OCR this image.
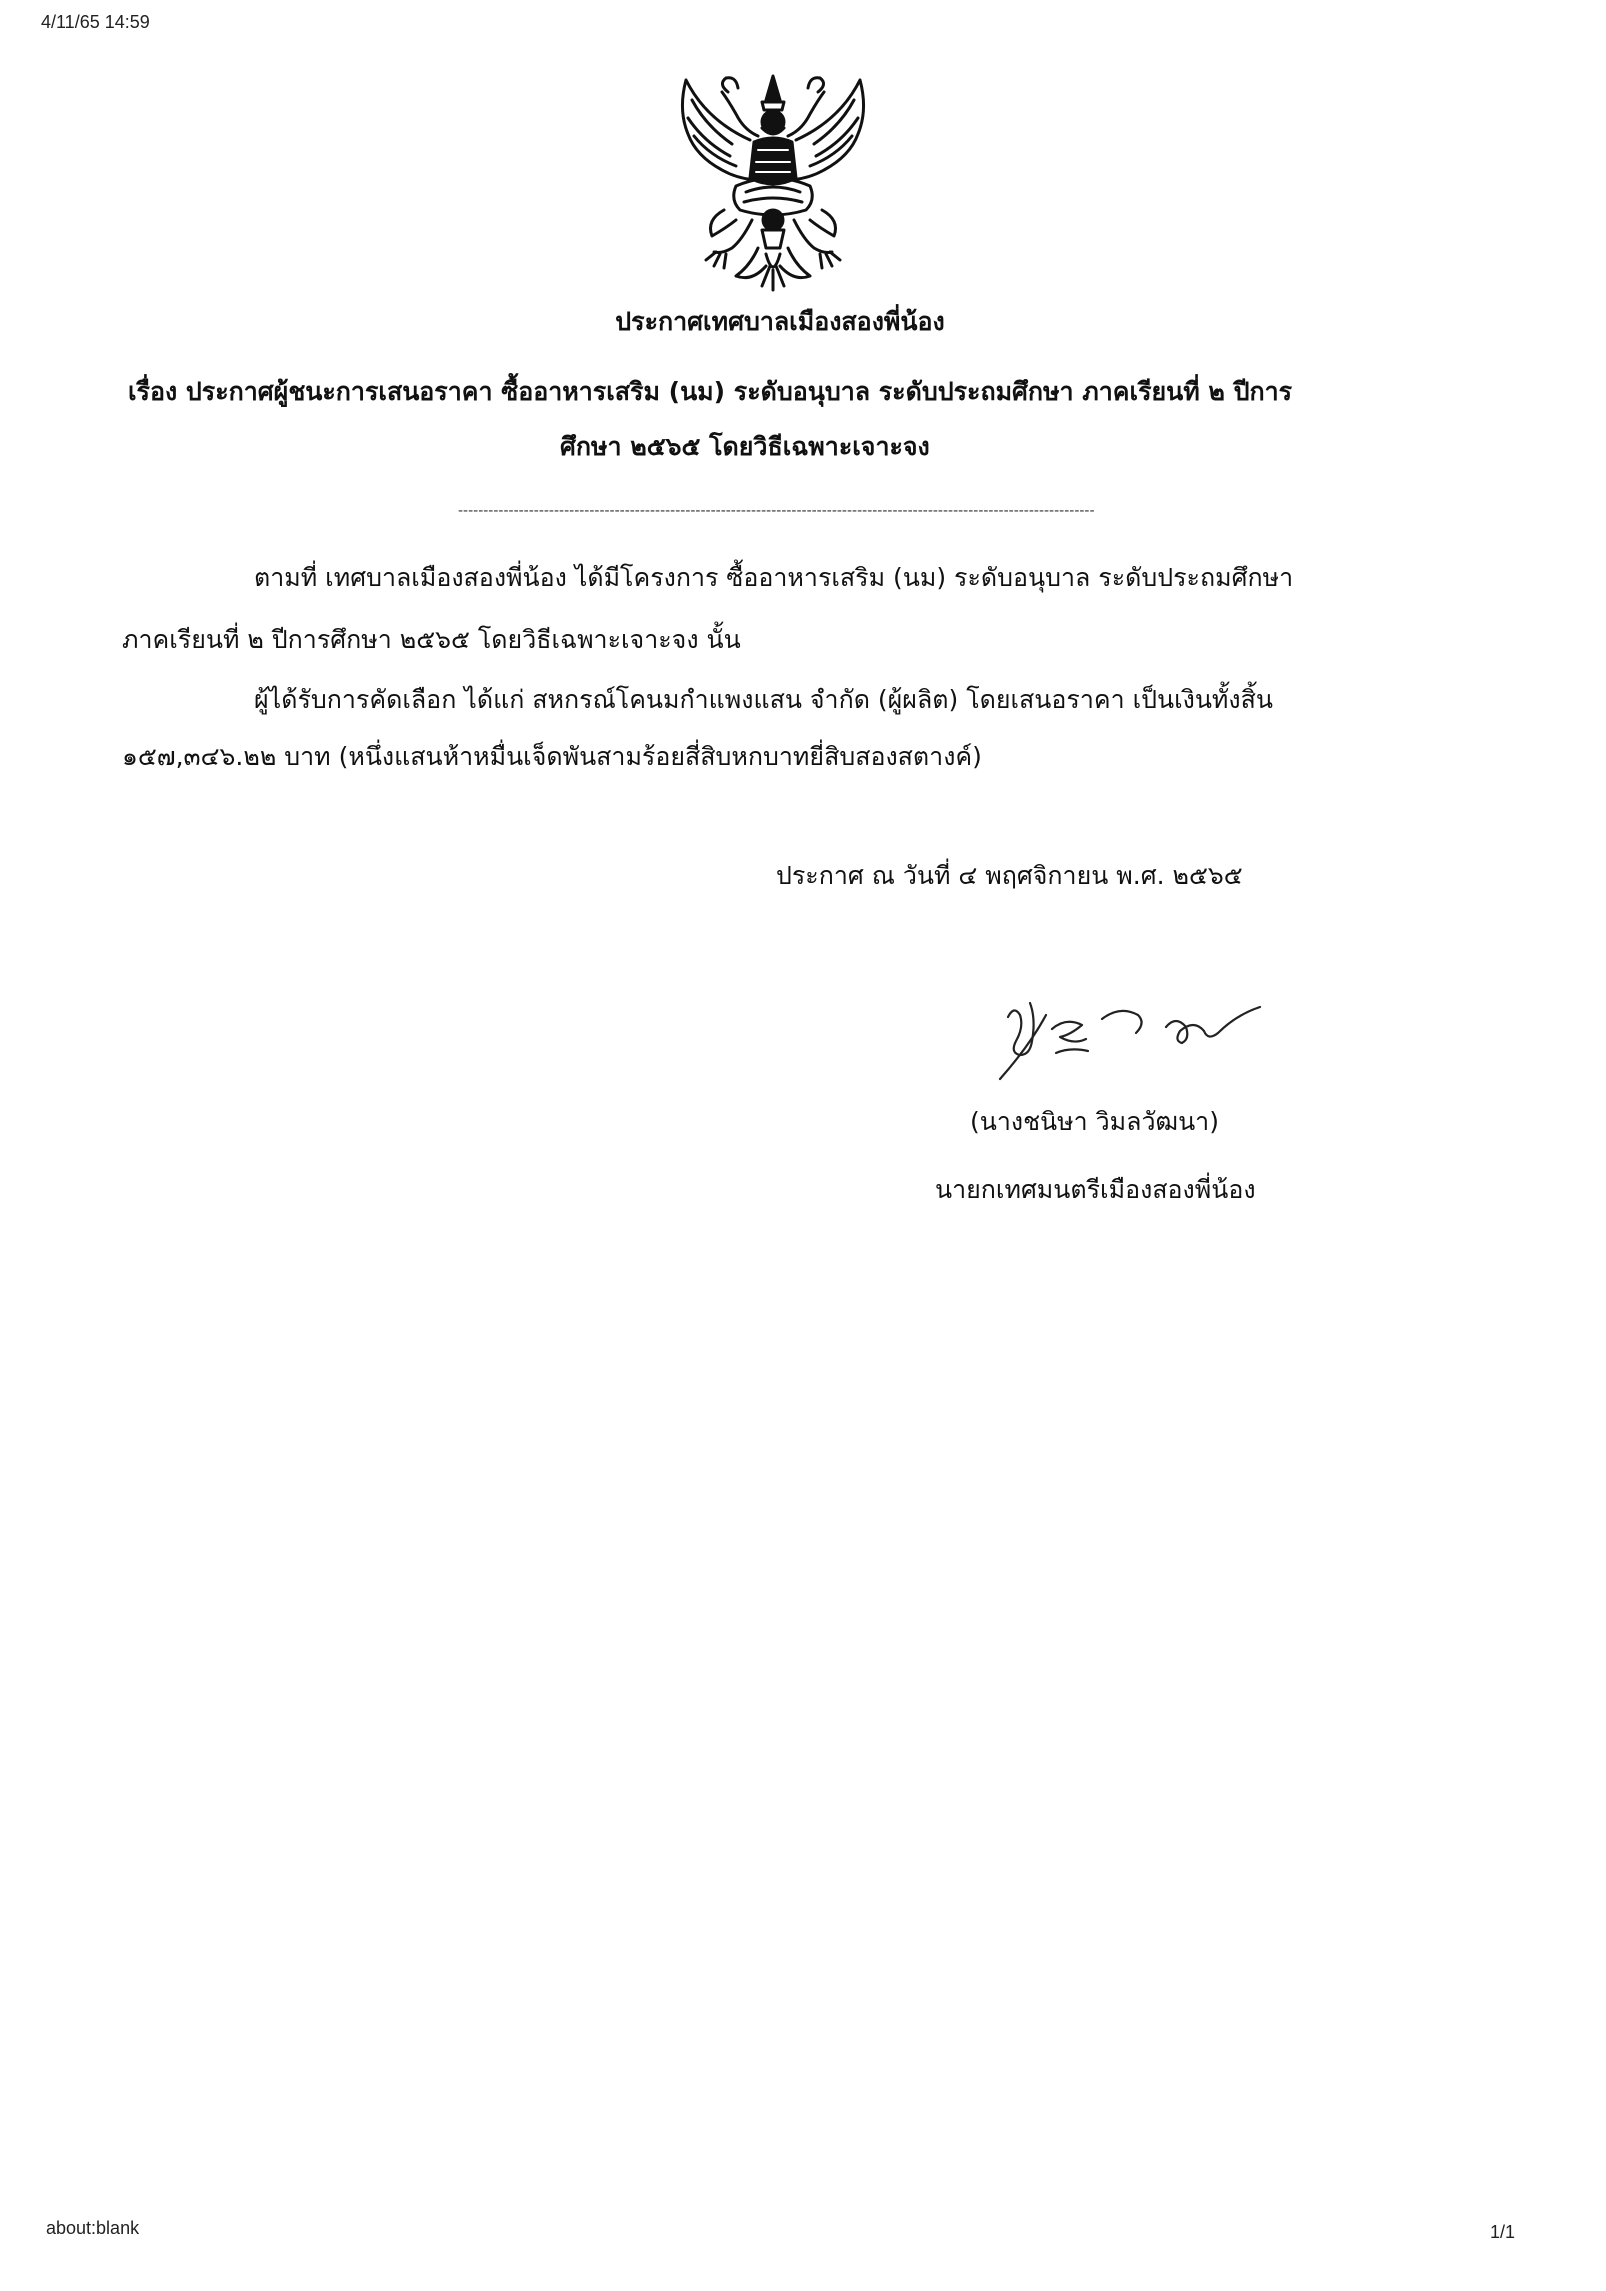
4/11/65 14:59
ประกาศเทศบาลเมืองสองพี่น้อง
เรื่อง ประกาศผู้ชนะการเสนอราคา ซื้ออาหารเสริม (นม) ระดับอนุบาล ระดับประถมศึกษา ภาคเรียนที่ ๒ ปีการ
ศึกษา ๒๕๖๕ โดยวิธีเฉพาะเจาะจง
------------------------------------------------------------------------------------------------------------------------------
ตามที่ เทศบาลเมืองสองพี่น้อง ได้มีโครงการ ซื้ออาหารเสริม (นม) ระดับอนุบาล ระดับประถมศึกษา
ภาคเรียนที่ ๒ ปีการศึกษา ๒๕๖๕ โดยวิธีเฉพาะเจาะจง นั้น
ผู้ได้รับการคัดเลือก ได้แก่ สหกรณ์โคนมกำแพงแสน จำกัด (ผู้ผลิต) โดยเสนอราคา เป็นเงินทั้งสิ้น
๑๕๗,๓๔๖.๒๒ บาท (หนึ่งแสนห้าหมื่นเจ็ดพันสามร้อยสี่สิบหกบาทยี่สิบสองสตางค์)
ประกาศ ณ วันที่ ๔ พฤศจิกายน พ.ศ. ๒๕๖๕
(นางชนิษา วิมลวัฒนา)
นายกเทศมนตรีเมืองสองพี่น้อง
about:blank	1/1
